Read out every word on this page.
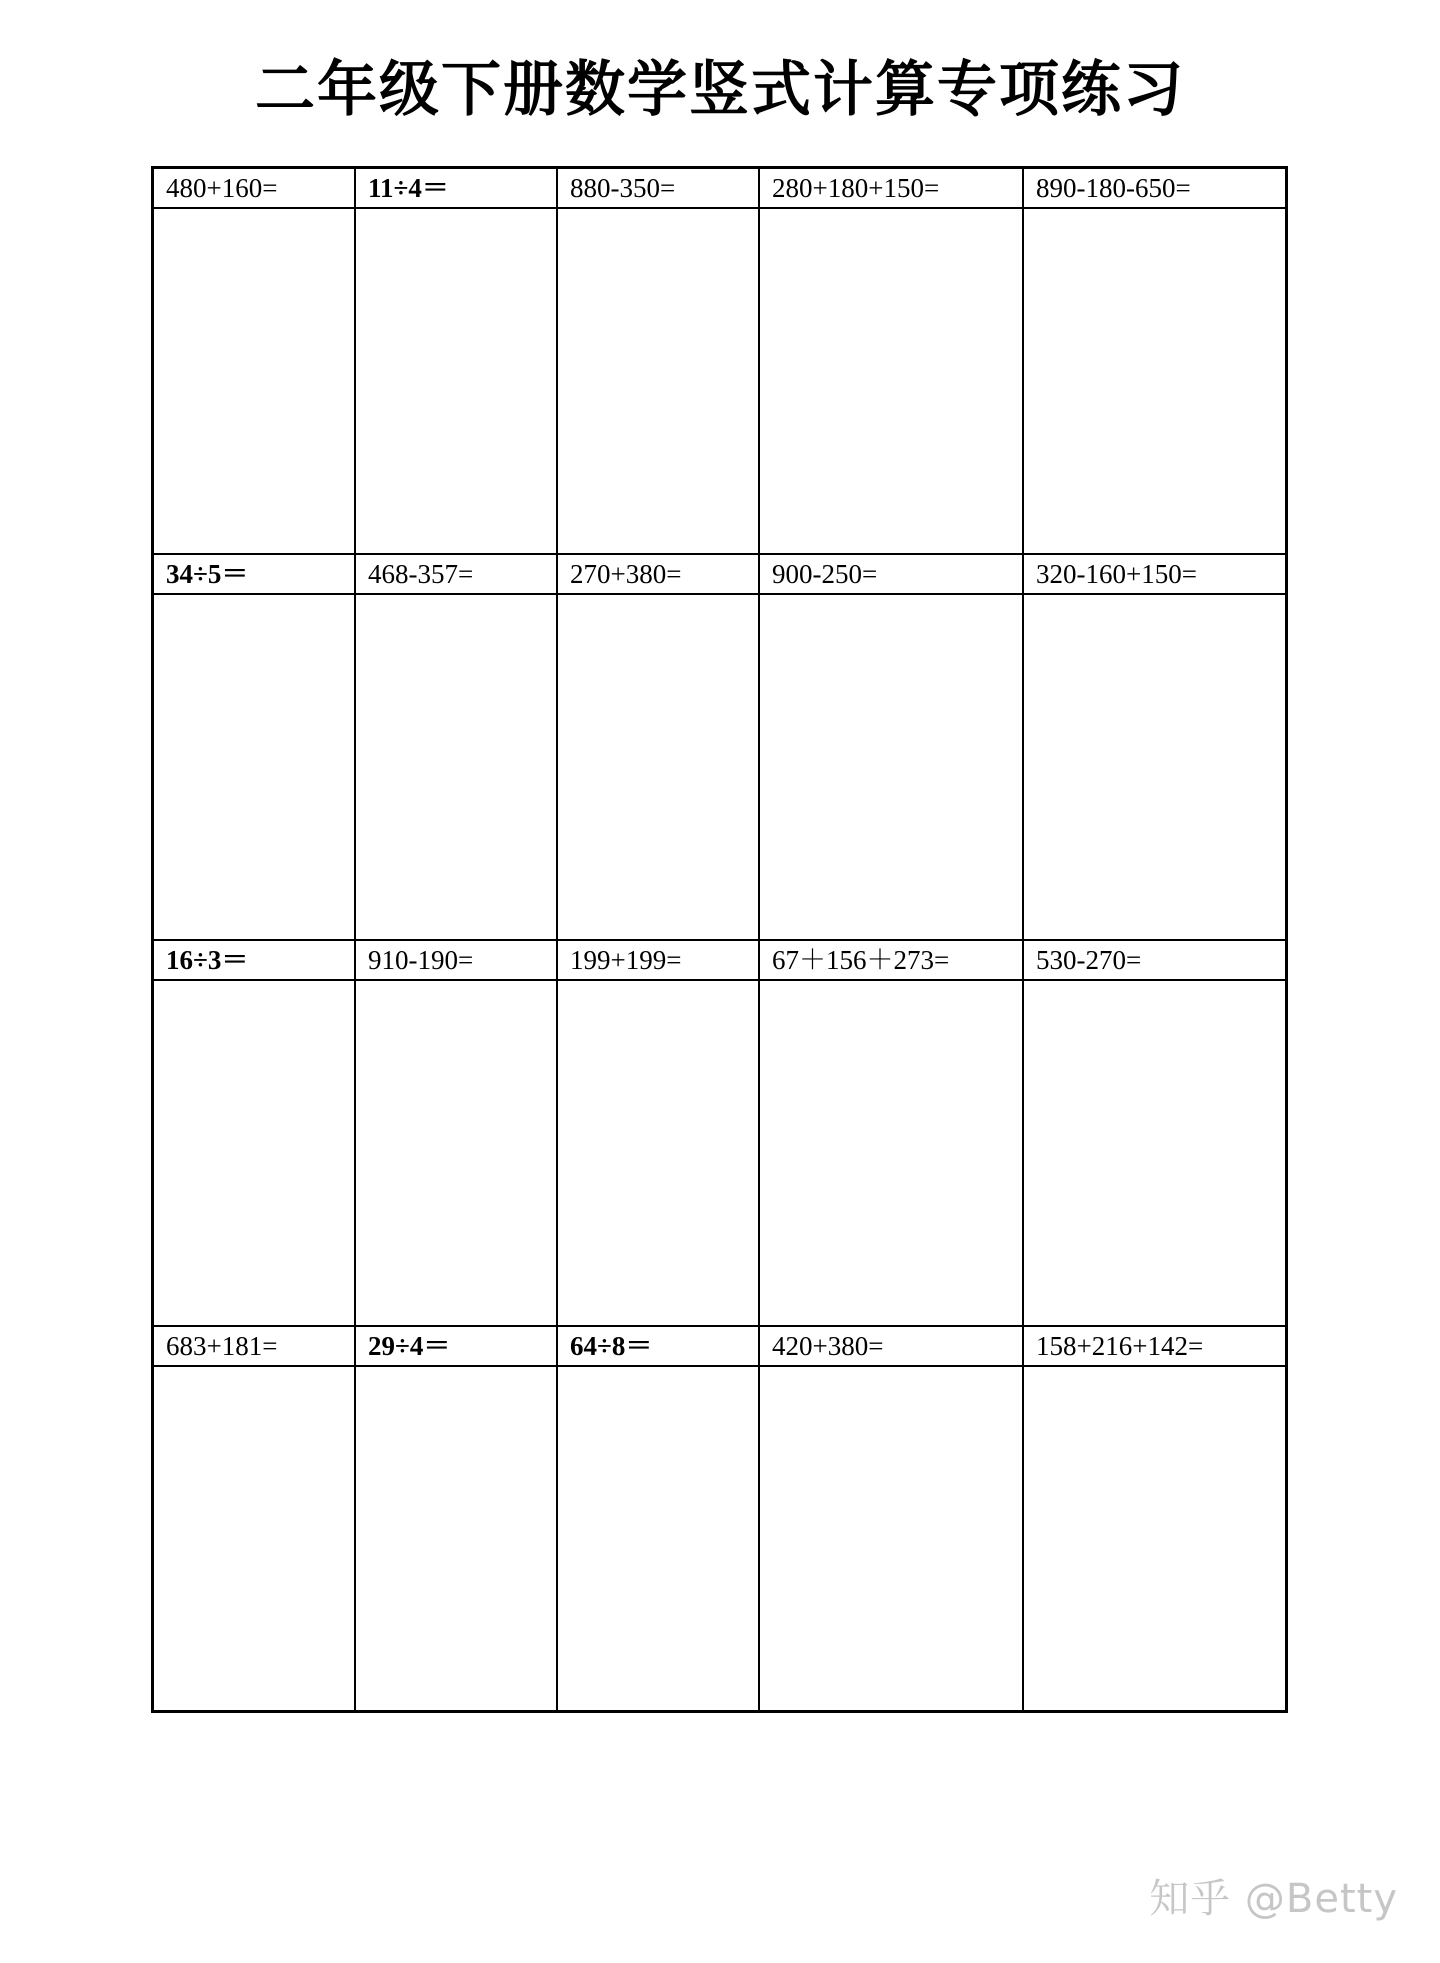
二年级下册数学竖式计算专项练习
480+160=	11÷4＝	880-350=	280+180+150=	890-180-650=
34÷5＝	468-357=	270+380=	900-250=	320-160+150=
16÷3＝	910-190=	199+199=	67＋156＋273=	530-270=
683+181=	29÷4＝	64÷8＝	420+380=	158+216+142=
知乎 @Betty
